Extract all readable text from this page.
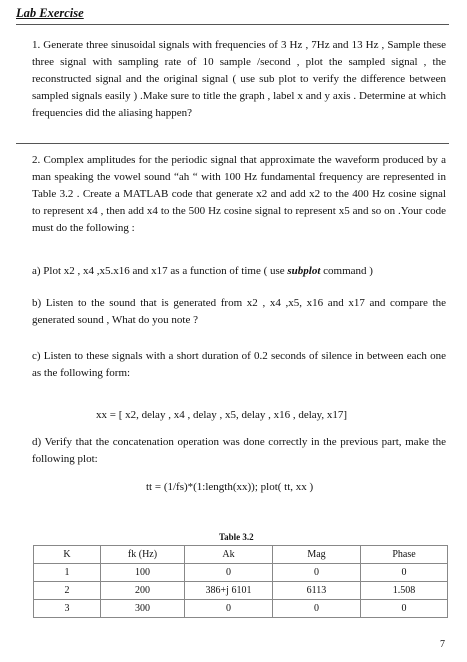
Lab Exercise
1. Generate three sinusoidal signals with frequencies of 3 Hz , 7Hz and 13 Hz , Sample these three signal with sampling rate of 10 sample /second , plot the sampled signal , the reconstructed signal and the original signal ( use sub plot to verify the difference between sampled signals easily ) .Make sure to title the graph , label x and y axis . Determine at which frequencies did the aliasing happen?
2. Complex amplitudes for the periodic signal that approximate the waveform produced by a man speaking the vowel sound “ah “ with 100 Hz fundamental frequency are represented in Table 3.2 . Create a MATLAB code that generate x2 and add x2 to the 400 Hz cosine signal to represent x4 , then add x4 to the 500 Hz cosine signal to represent x5 and so on .Your code must do the following :
a) Plot x2 , x4 ,x5.x16 and x17 as a function of time ( use subplot command )
b) Listen to the sound that is generated from x2 , x4 ,x5, x16 and x17 and compare the generated sound , What do you note ?
c) Listen to these signals with a short duration of 0.2 seconds of silence in between each one as the following form:
xx = [ x2, delay , x4 , delay , x5, delay , x16 , delay, x17]
d) Verify that the concatenation operation was done correctly in the previous part, make the following plot:
tt = (1/fs)*(1:length(xx)); plot( tt, xx )
Table 3.2
K	fk (Hz)	Ak	Mag	Phase
1	100	0	0	0
2	200	386+j 6101	6113	1.508
3	300	0	0	0
7
